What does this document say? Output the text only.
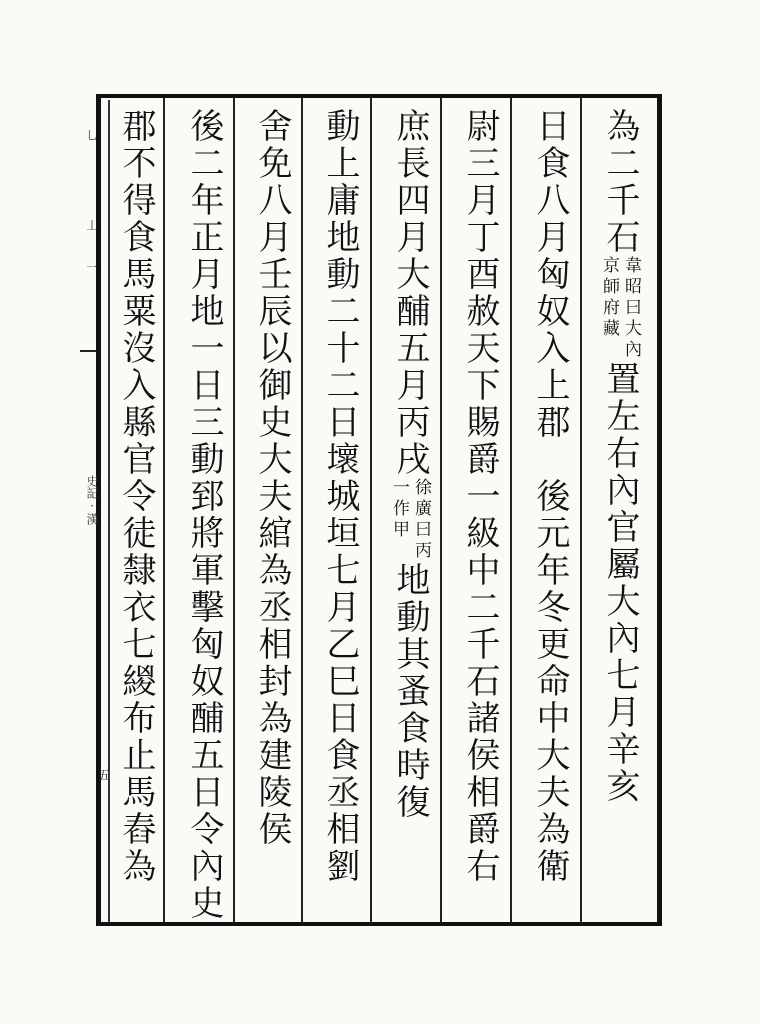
乚
丄
一
史記·漢
五
為二千石
韋昭曰大內
京師府藏
置左右內官屬大內七月辛亥
日食八月匈奴入上郡　後元年冬更命中大夫為衛
尉三月丁酉赦天下賜爵一級中二千石諸侯相爵右
庶長四月大酺五月丙戌
徐廣曰丙
一作甲
地動其蚤食時復
動上庸地動二十二日壞城垣七月乙巳日食丞相劉
舍免八月壬辰以御史大夫綰為丞相封為建陵侯
後二年正月地一日三動郅將軍擊匈奴酺五日令內史
郡不得食馬粟沒入縣官令徒隸衣七緵布止馬舂為
